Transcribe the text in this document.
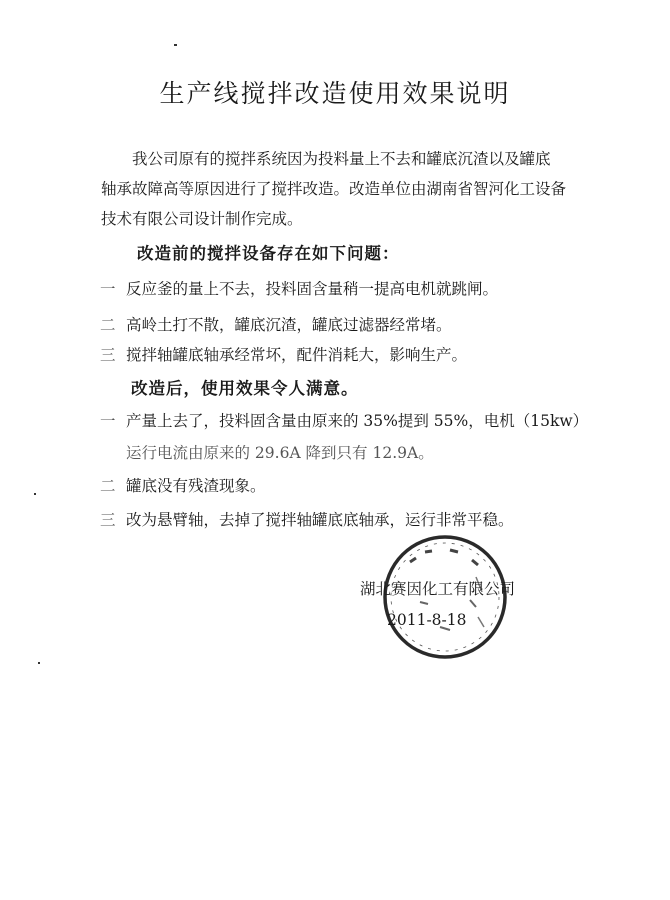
生产线搅拌改造使用效果说明
我公司原有的搅拌系统因为投料量上不去和罐底沉渣以及罐底
轴承故障高等原因进行了搅拌改造。改造单位由湖南省智河化工设备
技术有限公司设计制作完成。
改造前的搅拌设备存在如下问题：
一 反应釜的量上不去，投料固含量稍一提高电机就跳闸。
二 高岭土打不散，罐底沉渣，罐底过滤器经常堵。
三 搅拌轴罐底轴承经常坏，配件消耗大，影响生产。
改造后，使用效果令人满意。
一 产量上去了，投料固含量由原来的 35%提到 55%，电机（15kw）
运行电流由原来的 29.6A 降到只有 12.9A。
二 罐底没有残渣现象。
三 改为悬臂轴，去掉了搅拌轴罐底底轴承，运行非常平稳。
湖北赛因化工有限公司
2011-8-18
